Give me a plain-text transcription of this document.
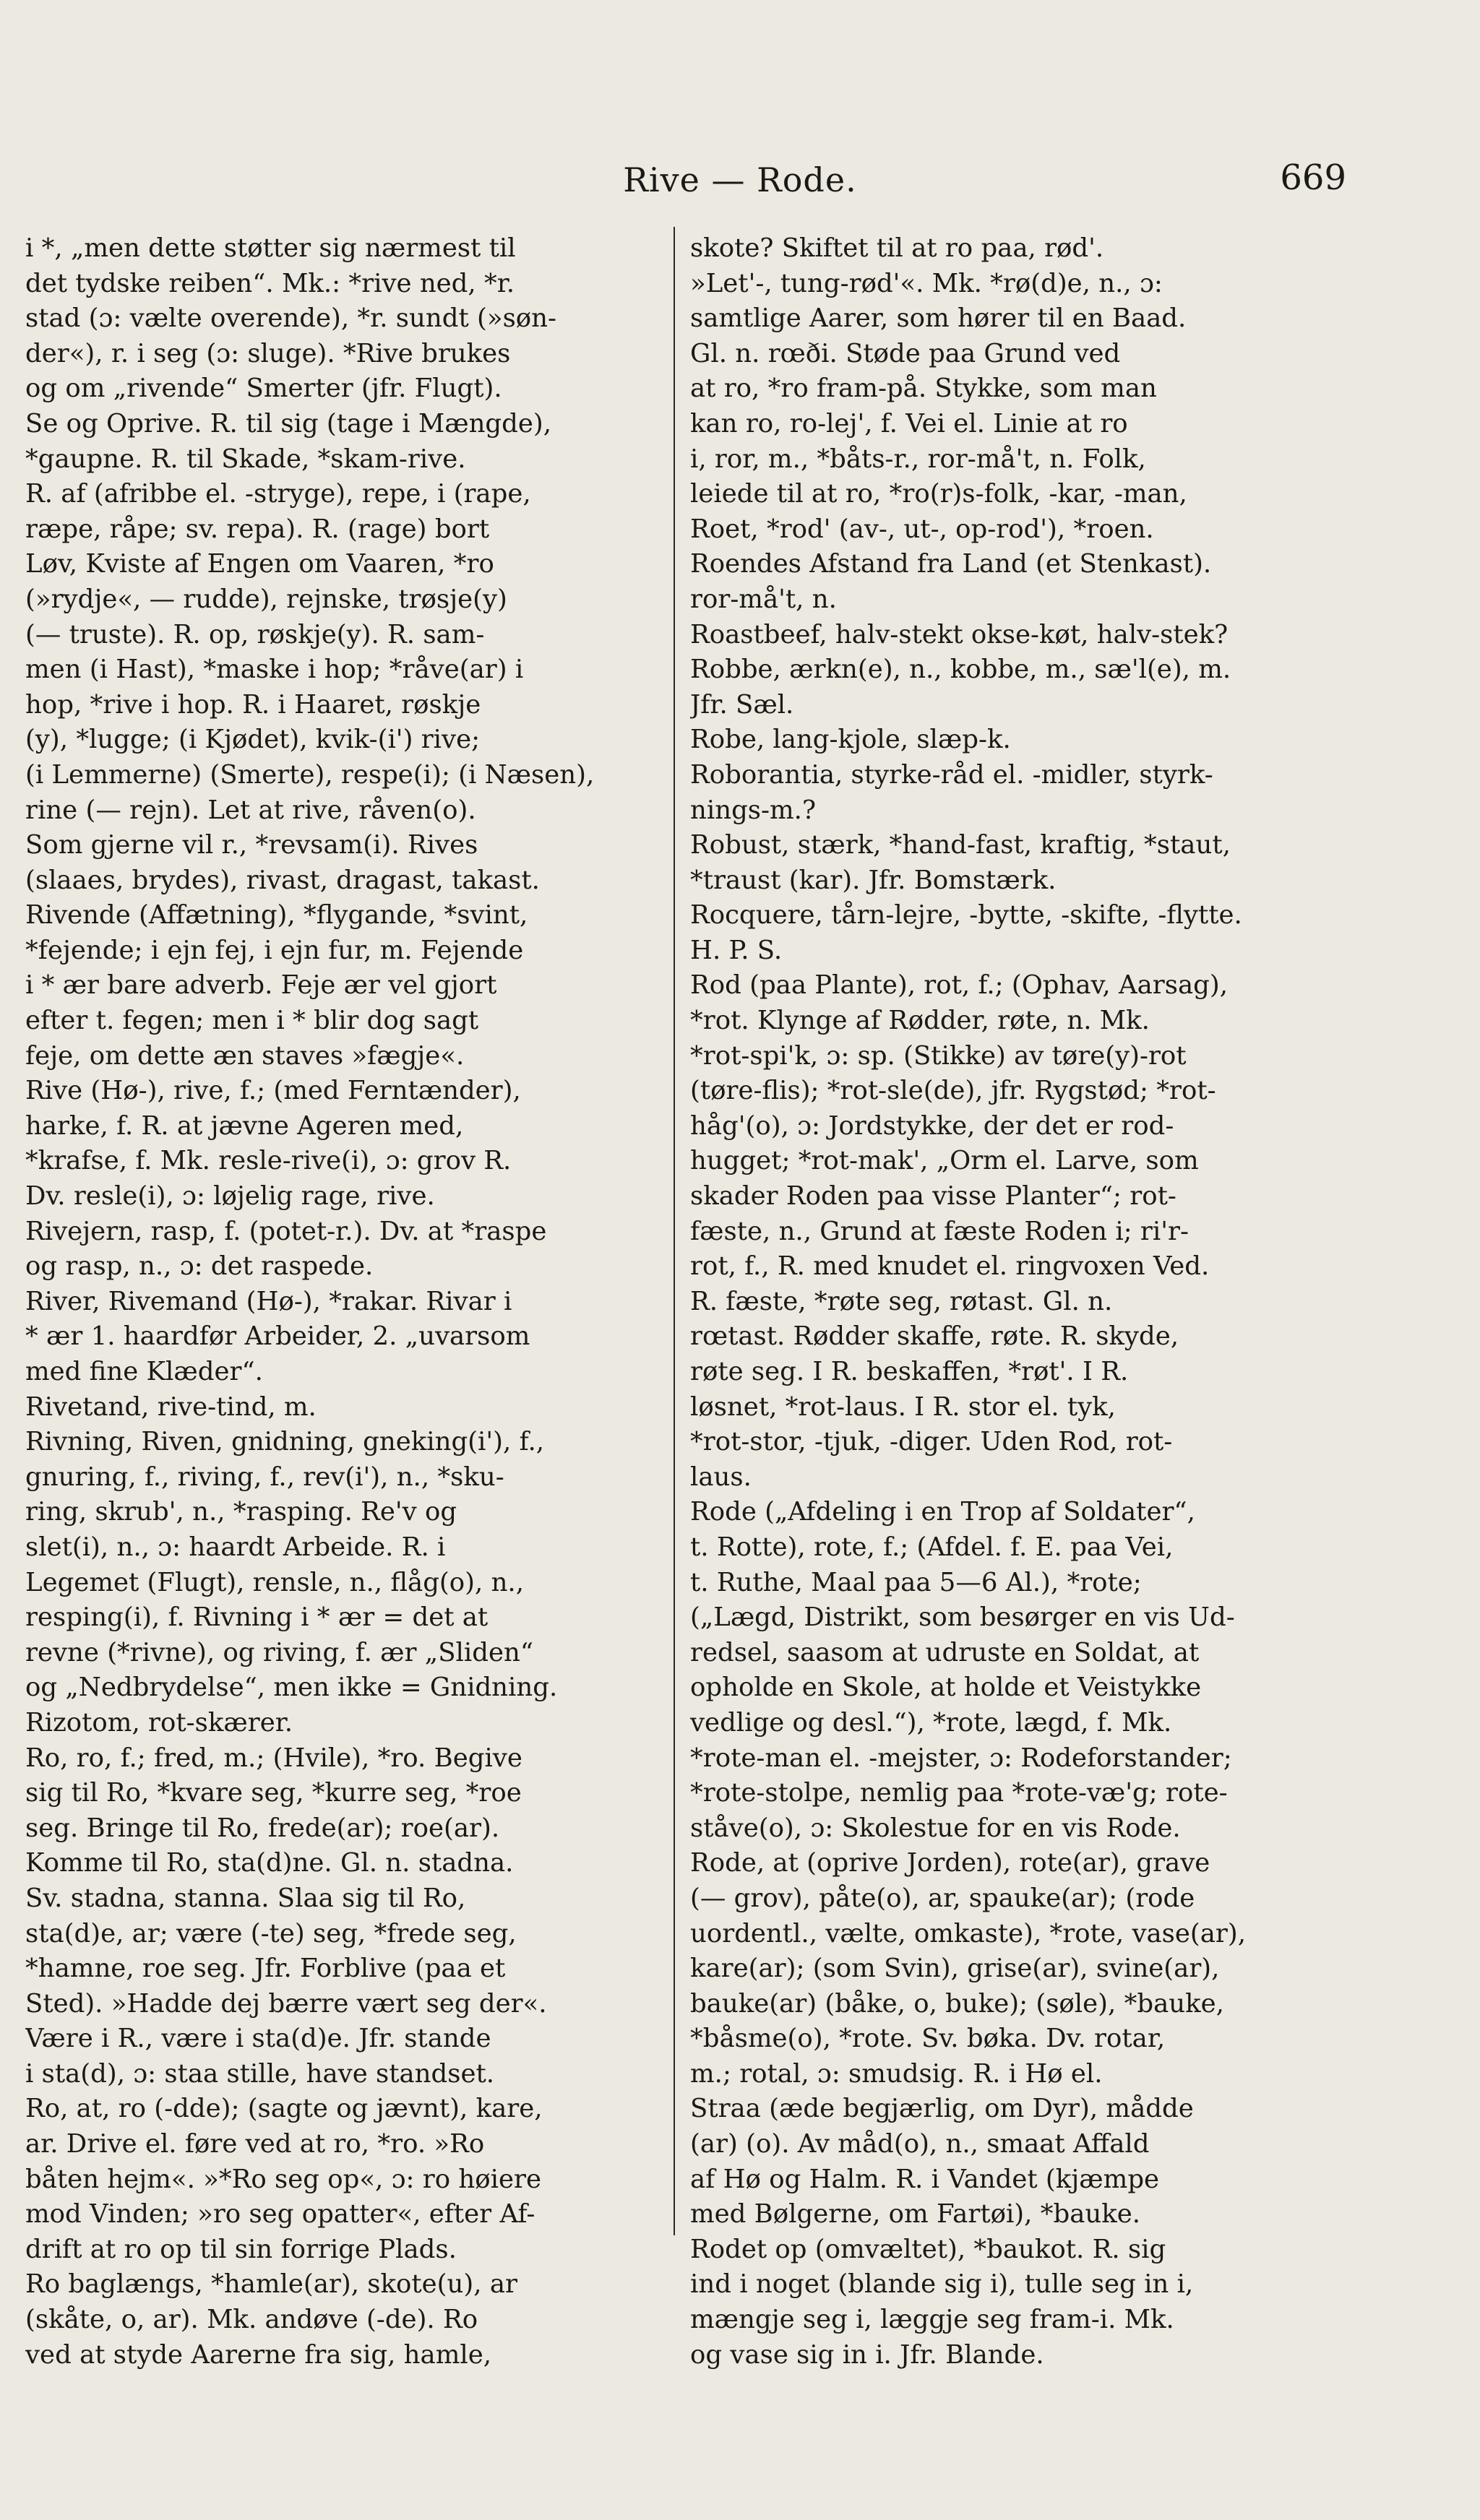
Rive — Rode.	669
i *, „men dette støtter sig nærmest til
det tydske reiben“. Mk.: *rive ned, *r.
stad (ɔ: vælte overende), *r. sundt (»søn-
der«), r. i seg (ɔ: sluge). *Rive brukes
og om „rivende“ Smerter (jfr. Flugt).
Se og Oprive. R. til sig (tage i Mængde),
*gaupne. R. til Skade, *skam-rive.
R. af (afribbe el. -stryge), repe, i (rape,
ræpe, råpe; sv. repa). R. (rage) bort
Løv, Kviste af Engen om Vaaren, *ro
(»rydje«, — rudde), rejnske, trøsje(y)
(— truste). R. op, røskje(y). R. sam-
men (i Hast), *maske i hop; *råve(ar) i
hop, *rive i hop. R. i Haaret, røskje
(y), *lugge; (i Kjødet), kvik-(i') rive;
(i Lemmerne) (Smerte), respe(i); (i Næsen),
rine (— rejn). Let at rive, råven(o).
Som gjerne vil r., *revsam(i). Rives
(slaaes, brydes), rivast, dragast, takast.
Rivende (Affætning), *flygande, *svint,
*fejende; i ejn fej, i ejn fur, m. Fejende
i * ær bare adverb. Feje ær vel gjort
efter t. fegen; men i * blir dog sagt
feje, om dette æn staves »fægje«.
Rive (Hø-), rive, f.; (med Ferntænder),
harke, f. R. at jævne Ageren med,
*krafse, f. Mk. resle-rive(i), ɔ: grov R.
Dv. resle(i), ɔ: løjelig rage, rive.
Rivejern, rasp, f. (potet-r.). Dv. at *raspe
og rasp, n., ɔ: det raspede.
River, Rivemand (Hø-), *rakar. Rivar i
* ær 1. haardfør Arbeider, 2. „uvarsom
med fine Klæder“.
Rivetand, rive-tind, m.
Rivning, Riven, gnidning, gneking(i'), f.,
gnuring, f., riving, f., rev(i'), n., *sku-
ring, skrub', n., *rasping. Re'v og
slet(i), n., ɔ: haardt Arbeide. R. i
Legemet (Flugt), rensle, n., flåg(o), n.,
resping(i), f. Rivning i * ær = det at
revne (*rivne), og riving, f. ær „Sliden“
og „Nedbrydelse“, men ikke = Gnidning.
Rizotom, rot-skærer.
Ro, ro, f.; fred, m.; (Hvile), *ro. Begive
sig til Ro, *kvare seg, *kurre seg, *roe
seg. Bringe til Ro, frede(ar); roe(ar).
Komme til Ro, sta(d)ne. Gl. n. stadna.
Sv. stadna, stanna. Slaa sig til Ro,
sta(d)e, ar; være (-te) seg, *frede seg,
*hamne, roe seg. Jfr. Forblive (paa et
Sted). »Hadde dej bærre vært seg der«.
Være i R., være i sta(d)e. Jfr. stande
i sta(d), ɔ: staa stille, have standset.
Ro, at, ro (-dde); (sagte og jævnt), kare,
ar. Drive el. føre ved at ro, *ro. »Ro
båten hejm«. »*Ro seg op«, ɔ: ro høiere
mod Vinden; »ro seg opatter«, efter Af-
drift at ro op til sin forrige Plads.
Ro baglængs, *hamle(ar), skote(u), ar
(skåte, o, ar). Mk. andøve (-de). Ro
ved at styde Aarerne fra sig, hamle,
skote? Skiftet til at ro paa, rød'.
»Let'-, tung-rød'«. Mk. *rø(d)e, n., ɔ:
samtlige Aarer, som hører til en Baad.
Gl. n. rœði. Støde paa Grund ved
at ro, *ro fram-på. Stykke, som man
kan ro, ro-lej', f. Vei el. Linie at ro
i, ror, m., *båts-r., ror-må't, n. Folk,
leiede til at ro, *ro(r)s-folk, -kar, -man,
Roet, *rod' (av-, ut-, op-rod'), *roen.
Roendes Afstand fra Land (et Stenkast).
ror-må't, n.
Roastbeef, halv-stekt okse-køt, halv-stek?
Robbe, ærkn(e), n., kobbe, m., sæ'l(e), m.
Jfr. Sæl.
Robe, lang-kjole, slæp-k.
Roborantia, styrke-råd el. -midler, styrk-
nings-m.?
Robust, stærk, *hand-fast, kraftig, *staut,
*traust (kar). Jfr. Bomstærk.
Rocquere, tårn-lejre, -bytte, -skifte, -flytte.
H. P. S.
Rod (paa Plante), rot, f.; (Ophav, Aarsag),
*rot. Klynge af Rødder, røte, n. Mk.
*rot-spi'k, ɔ: sp. (Stikke) av tøre(y)-rot
(tøre-flis); *rot-sle(de), jfr. Rygstød; *rot-
håg'(o), ɔ: Jordstykke, der det er rod-
hugget; *rot-mak', „Orm el. Larve, som
skader Roden paa visse Planter“; rot-
fæste, n., Grund at fæste Roden i; ri'r-
rot, f., R. med knudet el. ringvoxen Ved.
R. fæste, *røte seg, røtast. Gl. n.
rœtast. Rødder skaffe, røte. R. skyde,
røte seg. I R. beskaffen, *røt'. I R.
løsnet, *rot-laus. I R. stor el. tyk,
*rot-stor, -tjuk, -diger. Uden Rod, rot-
laus.
Rode („Afdeling i en Trop af Soldater“,
t. Rotte), rote, f.; (Afdel. f. E. paa Vei,
t. Ruthe, Maal paa 5—6 Al.), *rote;
(„Lægd, Distrikt, som besørger en vis Ud-
redsel, saasom at udruste en Soldat, at
opholde en Skole, at holde et Veistykke
vedlige og desl.“), *rote, lægd, f. Mk.
*rote-man el. -mejster, ɔ: Rodeforstander;
*rote-stolpe, nemlig paa *rote-væ'g; rote-
ståve(o), ɔ: Skolestue for en vis Rode.
Rode, at (oprive Jorden), rote(ar), grave
(— grov), påte(o), ar, spauke(ar); (rode
uordentl., vælte, omkaste), *rote, vase(ar),
kare(ar); (som Svin), grise(ar), svine(ar),
bauke(ar) (båke, o, buke); (søle), *bauke,
*båsme(o), *rote. Sv. bøka. Dv. rotar,
m.; rotal, ɔ: smudsig. R. i Hø el.
Straa (æde begjærlig, om Dyr), mådde
(ar) (o). Av måd(o), n., smaat Affald
af Hø og Halm. R. i Vandet (kjæmpe
med Bølgerne, om Fartøi), *bauke.
Rodet op (omvæltet), *baukot. R. sig
ind i noget (blande sig i), tulle seg in i,
mængje seg i, læggje seg fram-i. Mk.
og vase sig in i. Jfr. Blande.
